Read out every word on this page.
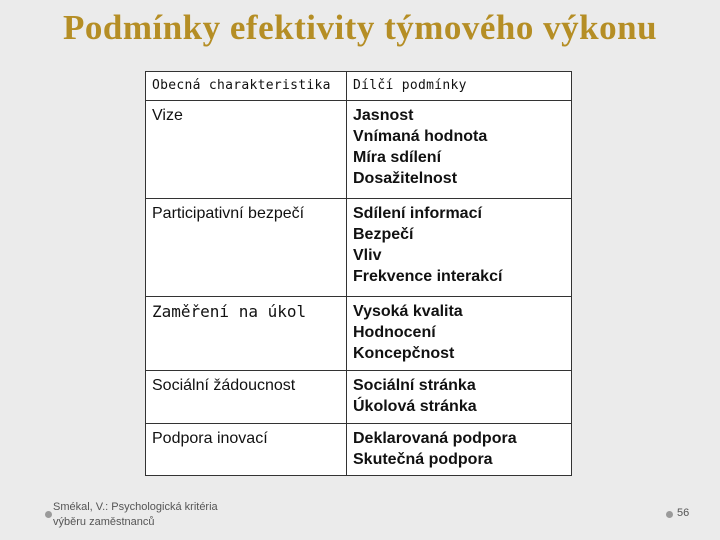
Podmínky efektivity týmového výkonu
Obecná charakteristika	Dílčí podmínky
Vize	Jasnost
Vnímaná hodnota
Míra sdílení
Dosažitelnost

Participativní bezpečí	Sdílení informací
Bezpečí
Vliv
Frekvence interakcí

Zaměření na úkol	Vysoká kvalita
Hodnocení
Koncepčnost

Sociální žádoucnost	Sociální stránka
Úkolová stránka

Podpora inovací	Deklarovaná podpora
Skutečná podpora
Smékal, V.: Psychologická kritéria
výběru zaměstnanců
56
